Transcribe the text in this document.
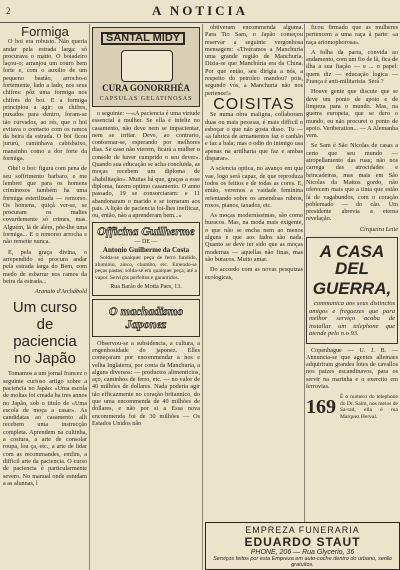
2	A NOTICIA
Formiga

O boi era robusto. Não queria andar pela estrada larga: só procurava o matto. O boiadeiro laçou-o; arranjou um couro bem forte e, com o auxilio de um pequeno bastão, arrocho-o fortemente, lado a lado, nos seus chifres: pôz uma formiga nos chifres do boi. E a formiga principiou a agir: os chifres, puxados para dentro, foram-se tão curvados, ao rés, que o boi evitava o contacto com os ramos da beira da estrada. O boi ficou jururú, caminhava cabisbaixo, mansinho como a dor forte da formiga.

Ohé! o boi: figura com pena de seu soffrimento barbaro, e me lembrei que para os homens criminosos também ha uma formiga esterilizada — remorso. Os homens, quiçá ver-se, se procuram os maltes covardemente só crimes, mas. Alguém, lá de além, põe-lhe uma formiga... E o remorso arrocha e não remette nunca.

E, pela graça divina, o arrependido só procura andar pela estrada larga do Bem, com medo de esbarrar nos ramos da beira da estrada...

Aranuio d'Archábold
Um curso de paciencia no Japão

Tomamos a um jornal francez o seguinte curioso artigo sobre a paciencia no Japão: «Uma escola de moltas foi creada ha tres annos no Japão, sob o titulo de «Uma escola de moça a casar». As candidatas ao casamento alli recebem uma instrucção completa. Aprendem na cultinha, a costura, a arte de consolar roupa, lou ça, etc., a arte de lidar com as recommandes, emfim, a difficil arte da paciencia. O curso de paciencia é particularmente severo. No manual onde estudam a as alunnas, l

SANTAL MIDY
CURA GONORRHÉA
CAPSULAS GELATINOSAS

o seguinte: —«A paciencia é uma virtude essencial à mulher. Se ella é infeliz no casamento, não deve nem se impacientar, nem se irritar. Deve, ao contrario, conformar-se, esperando por melhores dias. Se caso não vierem, ficará a mulher o consolo de haver cumprido o seu dever». Quando sua educação se acha concluida, as moças recebem um diploma de «habilitação». Muitas há que, graças a esse diploma, fazem optimo casamento. O anno passado, 19 se consorciaram: e 11 abandonaram o marido e se tornaram aos pais. A lição de paciencia foi-lhes inefficaz, ou, então, não a aprenderam bem...»

Officina Guilherme
— DE —
Antonio Guilherme da Costa

Solda-se qualquer peça de ferro fundido, aluminio, zinco, chumbo, etc. Emendo-se peças pastas; solda-se em qualquer peça; até a vapor. Serviços perfeitos e garantidos.

Rua Barão de Motta Paes, 13.
O machadismo Japonez

Observou-se a subsidencia, a cultura, a engenhosidade do japonez. Elles começaram por encommendar a nos e velha Inglaterra, por conta da Manchuria, a alguns diversos: — productos alimenticios, aço, caminhos de ferro, etc. — no valor de 40 milhões de dollares. Nada poderia agir tão efficazmente no coração britannico, do que uma encommenda de 40 milhões de dollares, e não por si a Essa nova encommenda foi de 30 milhões — Os Estados Unidos não

obtiveram encommenda alguma. Para Tio Sam, o Japão começou reservar a seguinte vergonhosa mensagem: «Tivéramos a Manchuria uma grande região de Manchuria. Dizia-se que Manchúria era da China. Por que então, seu dirigia a nós, a respeito do petroleo mandou? pois, segundo vós, a Manchuria não nos pertence!»

COISITAS

Se numa obra maligna, collaboram duas ou mais pessoas, é mais difficil o esboçar o que não gosta disso. Tu — «a fabrica de armamentos faz o canhão e faz a bala; mas o odio do inimigo usa apenas na artilharia que faz e ambas disparar».

A sciencia optica, no avanço em que vae, logo será capaz, de que reproduza todos os feitios e de todas as cores. E, então, veremos a vaidade feminina orientando sobre os amendoas rubros, roxos, pianos, taxados, etc.

As moças moderníssimas, são como buracos. Mas, na moda mais exigente, o que não se encha nem ao menos alguns e que aos fados são nada. Quanto se deve ter sido que as moças modernas — aquellas não finas, mas são buracos. Muito amar.

Do accordo com as novas pesquizas ecologicas,

ficou firmado que as mulheres pertencem a uma raça à parte: «a raça ariomophorosa».

A folha da parra, convida ao andamento, com um fio de lã, fica de ilha a sua fiação — e ... o papel: quem diz — educação logica — França é anti-militarista. Será ?

Houve gente que discute que se deve um ponto de apoio e de limpeza para o mundo. Mas, na guerra europeia, que se dero o mundo, eu não procurei o ponto de apoio. Veriberation... — A Alemanha vem.

Se Sam é São Nicolas de casas a certo que seu mundo — atropellamento das ruas; não nos carrega das atrocidades e brincadeiras, mas mais em São Nicolas da Mattos gordo, não oferecem mais que a tinta que estão lá de vagabundos, com o coração poblemado — do cão. Um presidente abrevia a eterna revelação.

Cirqueira Leite
A CASA DEL
GUERRA,

communica aos seus distinctos amigos e freguezes que para melhor serviço acaba de installar um telephone que atende pelo n.o 93.

Copenhague — U. J. B. — Annuncia-se que agentes allemaes adquiriram grandes lotes de cavallos nos paizes escandinavos, para os servir na marinha e o exercito em ferrovias.

169 É o numero do telephone do Dr. Salm, nos meios de Sa-rad, ella é rua Marquez Herval.
EMPREZA FUNERARIA
EDUARDO STAUT
PHONE, 206 — Rua Glycerio, 36
Serviços feitos por esta Empreza em auto-coche dentro do urbano, serão gratuitos.
